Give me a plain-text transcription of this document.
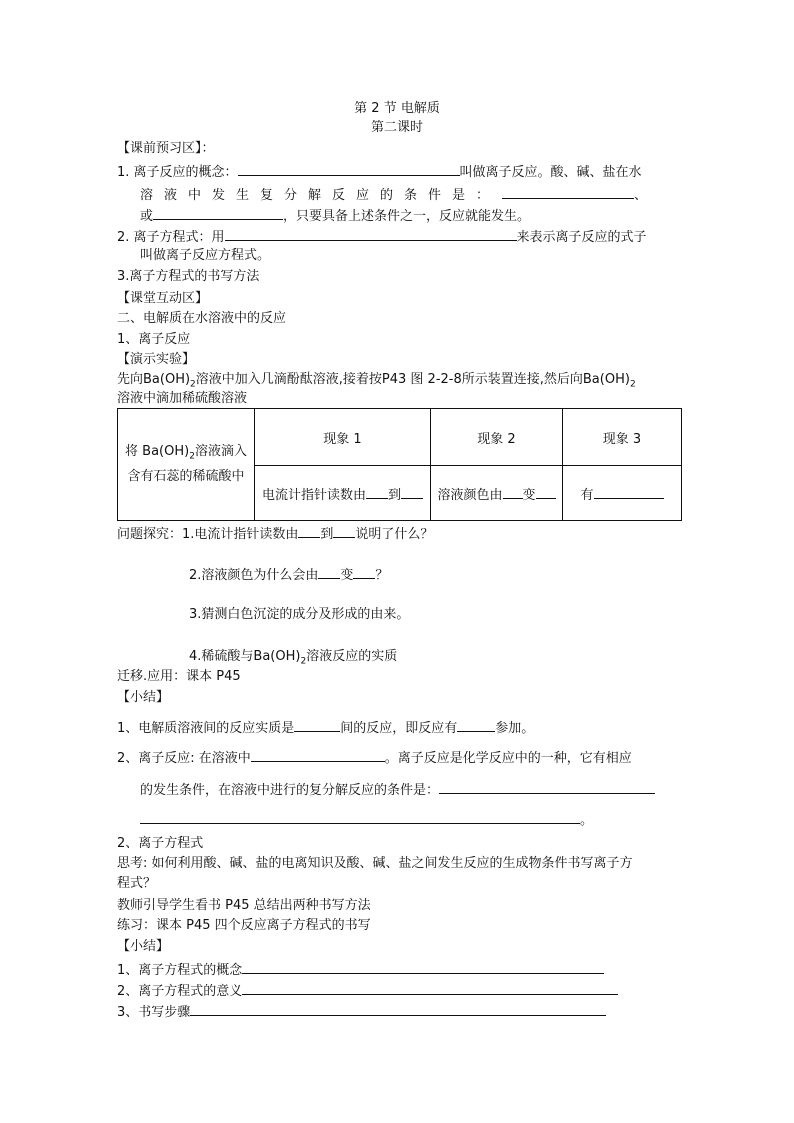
第 2 节 电解质
第二课时
【课前预习区】：
1. 离子反应的概念：	叫做离子反应。酸、碱、盐在水
溶液中发生复分解反应的条件是：	、
或	，只要具备上述条件之一，反应就能发生。
2. 离子方程式：用	来表示离子反应的式子
叫做离子反应方程式。
3.离子方程式的书写方法
【课堂互动区】
二、电解质在水溶液中的反应
1、离子反应
【演示实验】
先向$Ba(OH)_2$溶液中加入几滴酚酞溶液,接着按P43 图 2-2-8所示装置连接,然后向$Ba(OH)_2$
溶液中滴加稀硫酸溶液
将 $Ba(OH)_2$溶液滴入
含有石蕊的稀硫酸中	现象 1	现象 2	现象 3
	电流计指针读数由 到	溶液颜色由 变	有
问题探究：1.电流计指针读数由 到 说明了什么？
2.溶液颜色为什么会由 变 ？
3.猜测白色沉淀的成分及形成的由来。
4.稀硫酸与$Ba(OH)_2$溶液反应的实质
迁移.应用：课本 P45
【小结】
1、电解质溶液间的反应实质是	间的反应，即反应有	参加。
2、离子反应: 在溶液中	。离子反应是化学反应中的一种，它有相应
的发生条件，在溶液中进行的复分解反应的条件是：
。
2、离子方程式
思考: 如何利用酸、碱、盐的电离知识及酸、碱、盐之间发生反应的生成物条件书写离子方
程式？
教师引导学生看书 P45 总结出两种书写方法
练习：课本 P45 四个反应离子方程式的书写
【小结】
1、离子方程式的概念
2、离子方程式的意义
3、书写步骤
